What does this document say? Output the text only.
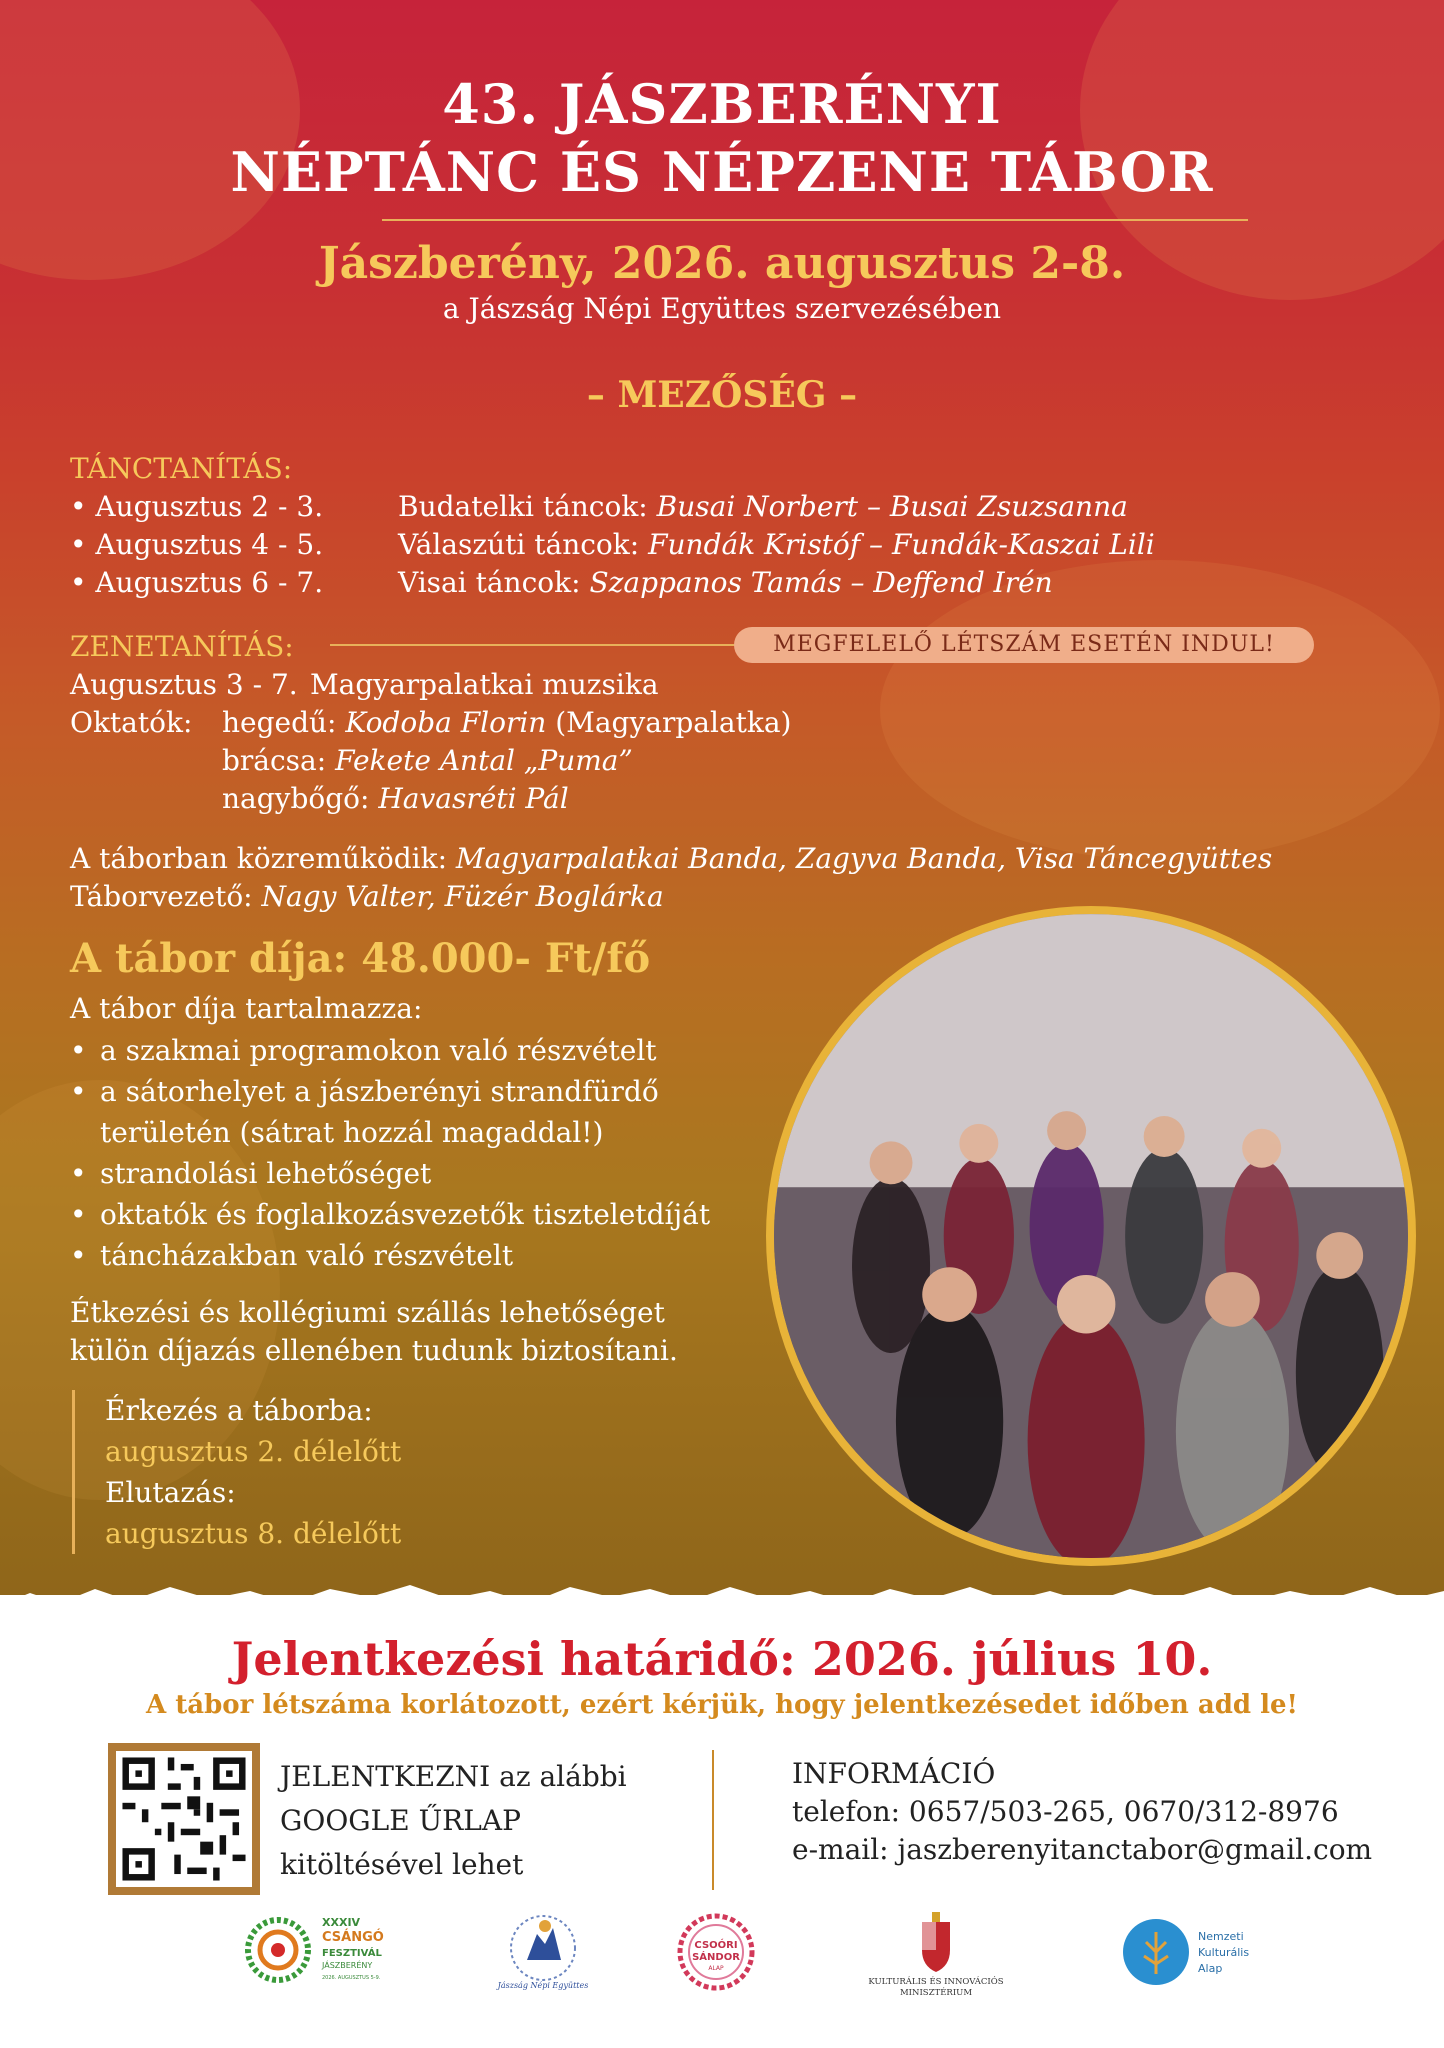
43. JÁSZBERÉNYI
NÉPTÁNC ÉS NÉPZENE TÁBOR
Jászberény, 2026. augusztus 2-8.
a Jászság Népi Együttes szervezésében
– MEZŐSÉG –
TÁNCTANÍTÁS:
• Augusztus 2 - 3.	Budatelki táncok: Busai Norbert – Busai Zsuzsanna
• Augusztus 4 - 5.	Válaszúti táncok: Fundák Kristóf – Fundák-Kaszai Lili
• Augusztus 6 - 7.	Visai táncok: Szappanos Tamás – Deffend Irén
ZENETANÍTÁS:	MEGFELELŐ LÉTSZÁM ESETÉN INDUL!
Augusztus 3 - 7. Magyarpalatkai muzsika
Oktatók: hegedű: Kodoba Florin (Magyarpalatka)
brácsa: Fekete Antal „Puma”
nagybőgő: Havasréti Pál
A táborban közreműködik: Magyarpalatkai Banda, Zagyva Banda, Visa Táncegyüttes
Táborvezető: Nagy Valter, Füzér Boglárka
A tábor díja: 48.000- Ft/fő
A tábor díja tartalmazza:
• a szakmai programokon való részvételt
• a sátorhelyet a jászberényi strandfürdő
területén (sátrat hozzál magaddal!)
• strandolási lehetőséget
• oktatók és foglalkozásvezetők tiszteletdíját
• táncházakban való részvételt
Étkezési és kollégiumi szállás lehetőséget
külön díjazás ellenében tudunk biztosítani.
Érkezés a táborba:
augusztus 2. délelőtt
Elutazás:
augusztus 8. délelőtt
Jelentkezési határidő: 2026. július 10.
A tábor létszáma korlátozott, ezért kérjük, hogy jelentkezésedet időben add le!
JELENTKEZNI az alábbi
GOOGLE ŰRLAP
kitöltésével lehet
INFORMÁCIÓ
telefon: 0657/503-265, 0670/312-8976
e-mail: jaszberenyitanctabor@gmail.com
XXXIV
CSÁNGÓ
FESZTIVÁL
JÁSZBERÉNY
2026. AUGUSZTUS 5-9.
Jászság Népi Együttes
CSOÓRI
SÁNDOR
ALAP
KULTURÁLIS ÉS INNOVÁCIÓS
MINISZTÉRIUM
Nemzeti
Kulturális
Alap
